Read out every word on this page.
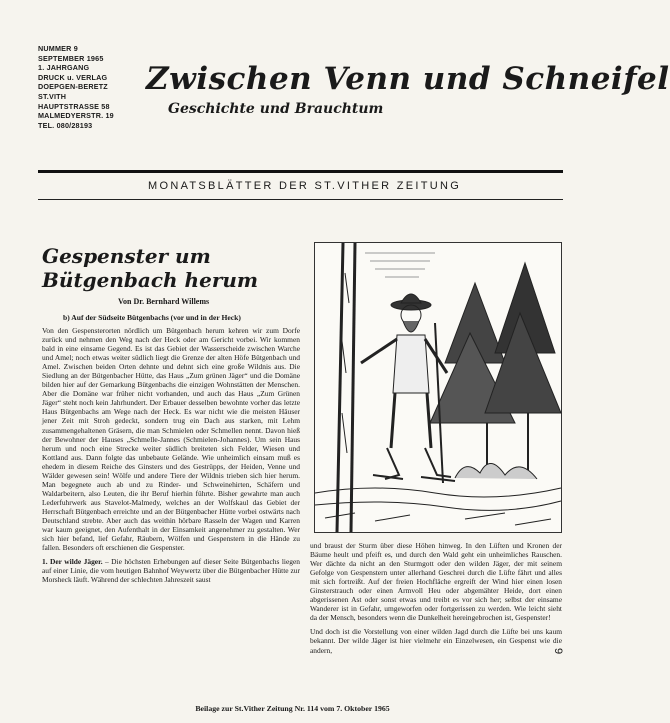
NUMMER 9
SEPTEMBER 1965
1. JAHRGANG
DRUCK u. VERLAG
DOEPGEN-BERETZ
ST.VITH
HAUPTSTRASSE 58
MALMEDYERSTR. 19
TEL. 080/28193
Zwischen Venn und Schneifel
Geschichte und Brauchtum
MONATSBLÄTTER DER ST.VITHER ZEITUNG
Gespenster um
Bütgenbach herum
Von Dr. Bernhard Willems
b) Auf der Südseite Bütgenbachs (vor und in der Heck)

Von den Gespensterorten nördlich um Bütgenbach herum kehren wir zum Dorfe zurück und nehmen den Weg nach der Heck oder am Gericht vorbei. Wir kommen bald in eine einsame Gegend. Es ist das Gebiet der Wasserscheide zwischen Warche und Amel; noch etwas weiter südlich liegt die Grenze der alten Höfe Bütgenbach und Amel. Zwischen beiden Orten dehnte und dehnt sich eine große Wildnis aus. Die Siedlung an der Bütgenbacher Hütte, das Haus „Zum grünen Jäger“ und die Domäne bilden hier auf der Gemarkung Bütgenbachs die einzigen Wohnstätten der Menschen. Aber die Domäne war früher nicht vorhanden, und auch das Haus „Zum Grünen Jäger“ steht noch kein Jahrhundert. Der Erbauer desselben bewohnte vorher das letzte Haus Bütgenbachs am Wege nach der Heck. Es war nicht wie die meisten Häuser jener Zeit mit Stroh gedeckt, sondern trug ein Dach aus starken, mit Lehm zusammengehaltenen Gräsern, die man Schmielen oder Schmellen nennt. Davon hieß der Bewohner der Hauses „Schmelle-Jannes (Schmielen-Johannes). Um sein Haus herum und noch eine Strecke weiter südlich breiteten sich Felder, Wiesen und Kottland aus. Dann folgte das unbebaute Gelände. Wie unheimlich einsam muß es ehedem in diesem Reiche des Ginsters und des Gestrüpps, der Heiden, Venne und Wälder gewesen sein! Wölfe und andere Tiere der Wildnis trieben sich hier herum. Man begegnete auch ab und zu Rinder- und Schweinehirten, Schäfern und Waldarbeitern, also Leuten, die ihr Beruf hierhin führte. Bisher gewahrte man auch Lederfuhrwerk aus Stavelot-Malmedy, welches an der Wolfskaul das Gebiet der Herrschaft Bütgenbach erreichte und an der Bütgenbacher Hütte vorbei ostwärts nach Deutschland strebte. Aber auch das weithin hörbare Rasseln der Wagen und Karren war kaum geeignet, den Aufenthalt in der Einsamkeit angenehmer zu gestalten. Wer sich hier befand, lief Gefahr, Räubern, Wölfen und Gespenstern in die Hände zu fallen. Besonders oft erschienen die Gespenster.

1. Der wilde Jäger. – Die höchsten Erhebungen auf dieser Seite Bütgenbachs liegen auf einer Linie, die vom heutigen Bahnhof Weywertz über die Bütgenbacher Hütte zur Morsheck läuft. Während der schlechten Jahreszeit saust

und braust der Sturm über diese Höhen hinweg. In den Lüften und Kronen der Bäume heult und pfeift es, und durch den Wald geht ein unheimliches Rauschen. Wer dächte da nicht an den Sturmgott oder den wilden Jäger, der mit seinem Gefolge von Gespenstern unter allerhand Geschrei durch die Lüfte fährt und alles mit sich fortreißt. Auf der freien Hochfläche ergreift der Wind hier einen losen Ginsterstrauch oder einen Armvoll Heu oder abgemähter Heide, dort einen abgerissenen Ast oder sonst etwas und treibt es vor sich her; selbst der einsame Wanderer ist in Gefahr, umgeworfen oder fortgerissen zu werden. Wie leicht sieht da der Mensch, besonders wenn die Dunkelheit hereingebrochen ist, Gespenster!

Und doch ist die Vorstellung von einer wilden Jagd durch die Lüfte bei uns kaum bekannt. Der wilde Jäger ist hier vielmehr ein Einzelwesen, ein Gespenst wie die andern,	9
Beilage zur St.Vither Zeitung Nr. 114 vom 7. Oktober 1965
